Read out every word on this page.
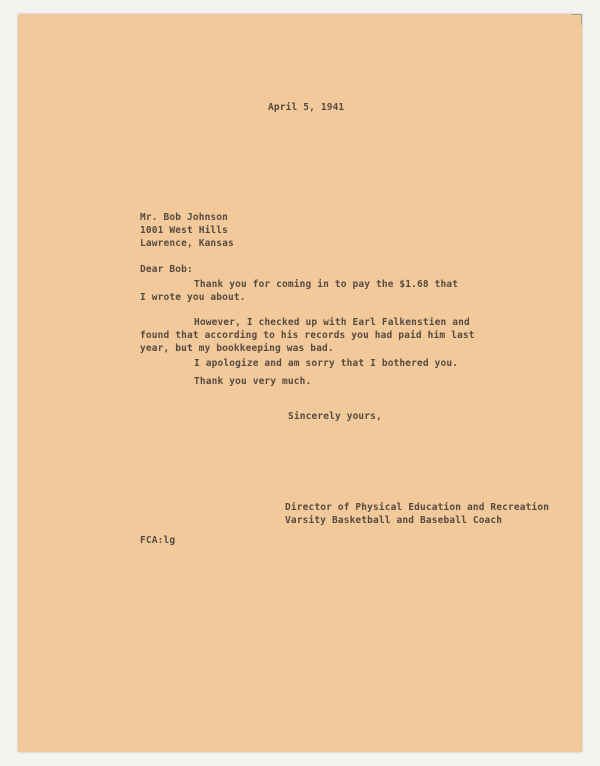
April 5, 1941
Mr. Bob Johnson
1001 West Hills
Lawrence, Kansas
Dear Bob:
Thank you for coming in to pay the $1.68 that
I wrote you about.
However, I checked up with Earl Falkenstien and
found that according to his records you had paid him last
year, but my bookkeeping was bad.
I apologize and am sorry that I bothered you.
Thank you very much.
Sincerely yours,
Director of Physical Education and Recreation
Varsity Basketball and Baseball Coach
FCA:lg
